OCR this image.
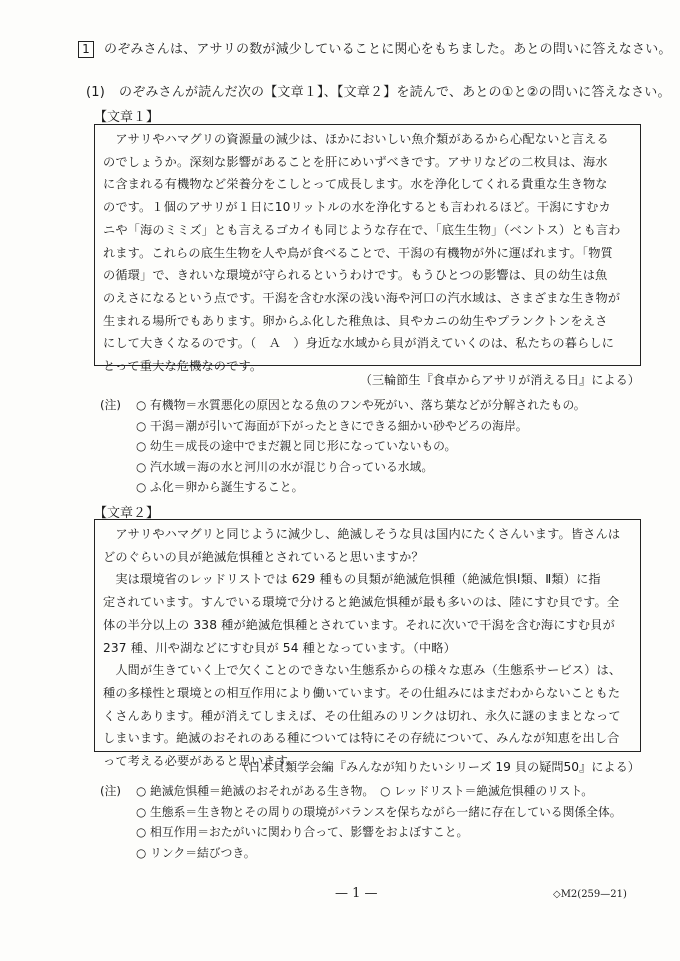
1 のぞみさんは、アサリの数が減少していることに関心をもちました。あとの問いに答えなさい。
(1) のぞみさんが読んだ次の【文章１】、【文章２】を読んで、あとの①と②の問いに答えなさい。
【文章１】
　アサリやハマグリの資源量の減少は、ほかにおいしい魚介類があるから心配ないと言える
のでしょうか。深刻な影響があることを肝にめいずべきです。アサリなどの二枚貝は、海水
に含まれる有機物など栄養分をこしとって成長します。水を浄化してくれる貴重な生き物な
のです。１個のアサリが１日に10リットルの水を浄化するとも言われるほど。干潟にすむカ
ニや「海のミミズ」とも言えるゴカイも同じような存在で、「底生生物」（ベントス）とも言わ
れます。これらの底生生物を人や鳥が食べることで、干潟の有機物が外に運ばれます。「物質
の循環」で、きれいな環境が守られるというわけです。もうひとつの影響は、貝の幼生は魚
のえさになるという点です。干潟を含む水深の浅い海や河口の汽水域は、さまざまな生き物が
生まれる場所でもあります。卵からふ化した稚魚は、貝やカニの幼生やプランクトンをえさ
にして大きくなるのです。（　Ａ　）身近な水域から貝が消えていくのは、私たちの暮らしに
とって重大な危機なのです。
（三輪節生『食卓からアサリが消える日』による）
(注)	○ 有機物＝水質悪化の原因となる魚のフンや死がい、落ち葉などが分解されたもの。
○ 干潟＝潮が引いて海面が下がったときにできる細かい砂やどろの海岸。
○ 幼生＝成長の途中でまだ親と同じ形になっていないもの。
○ 汽水域＝海の水と河川の水が混じり合っている水域。
○ ふ化＝卵から誕生すること。
【文章２】
　アサリやハマグリと同じように減少し、絶滅しそうな貝は国内にたくさんいます。皆さんは
どのぐらいの貝が絶滅危惧種とされていると思いますか？
　実は環境省のレッドリストでは 629 種もの貝類が絶滅危惧種（絶滅危惧Ⅰ類、Ⅱ類）に指
定されています。すんでいる環境で分けると絶滅危惧種が最も多いのは、陸にすむ貝です。全
体の半分以上の 338 種が絶滅危惧種とされています。それに次いで干潟を含む海にすむ貝が
237 種、川や湖などにすむ貝が 54 種となっています。（中略）
　人間が生きていく上で欠くことのできない生態系からの様々な恵み（生態系サービス）は、
種の多様性と環境との相互作用により働いています。その仕組みにはまだわからないこともた
くさんあります。種が消えてしまえば、その仕組みのリンクは切れ、永久に謎のままとなって
しまいます。絶滅のおそれのある種については特にその存続について、みんなが知恵を出し合
って考える必要があると思います。
（日本貝類学会編『みんなが知りたいシリーズ 19 貝の疑問50』による）
(注)	○ 絶滅危惧種＝絶滅のおそれがある生き物。　○ レッドリスト＝絶滅危惧種のリスト。
○ 生態系＝生き物とその周りの環境がバランスを保ちながら一緒に存在している関係全体。
○ 相互作用＝おたがいに関わり合って、影響をおよぼすこと。
○ リンク＝結びつき。
— 1 —	◇M2(259—21)
